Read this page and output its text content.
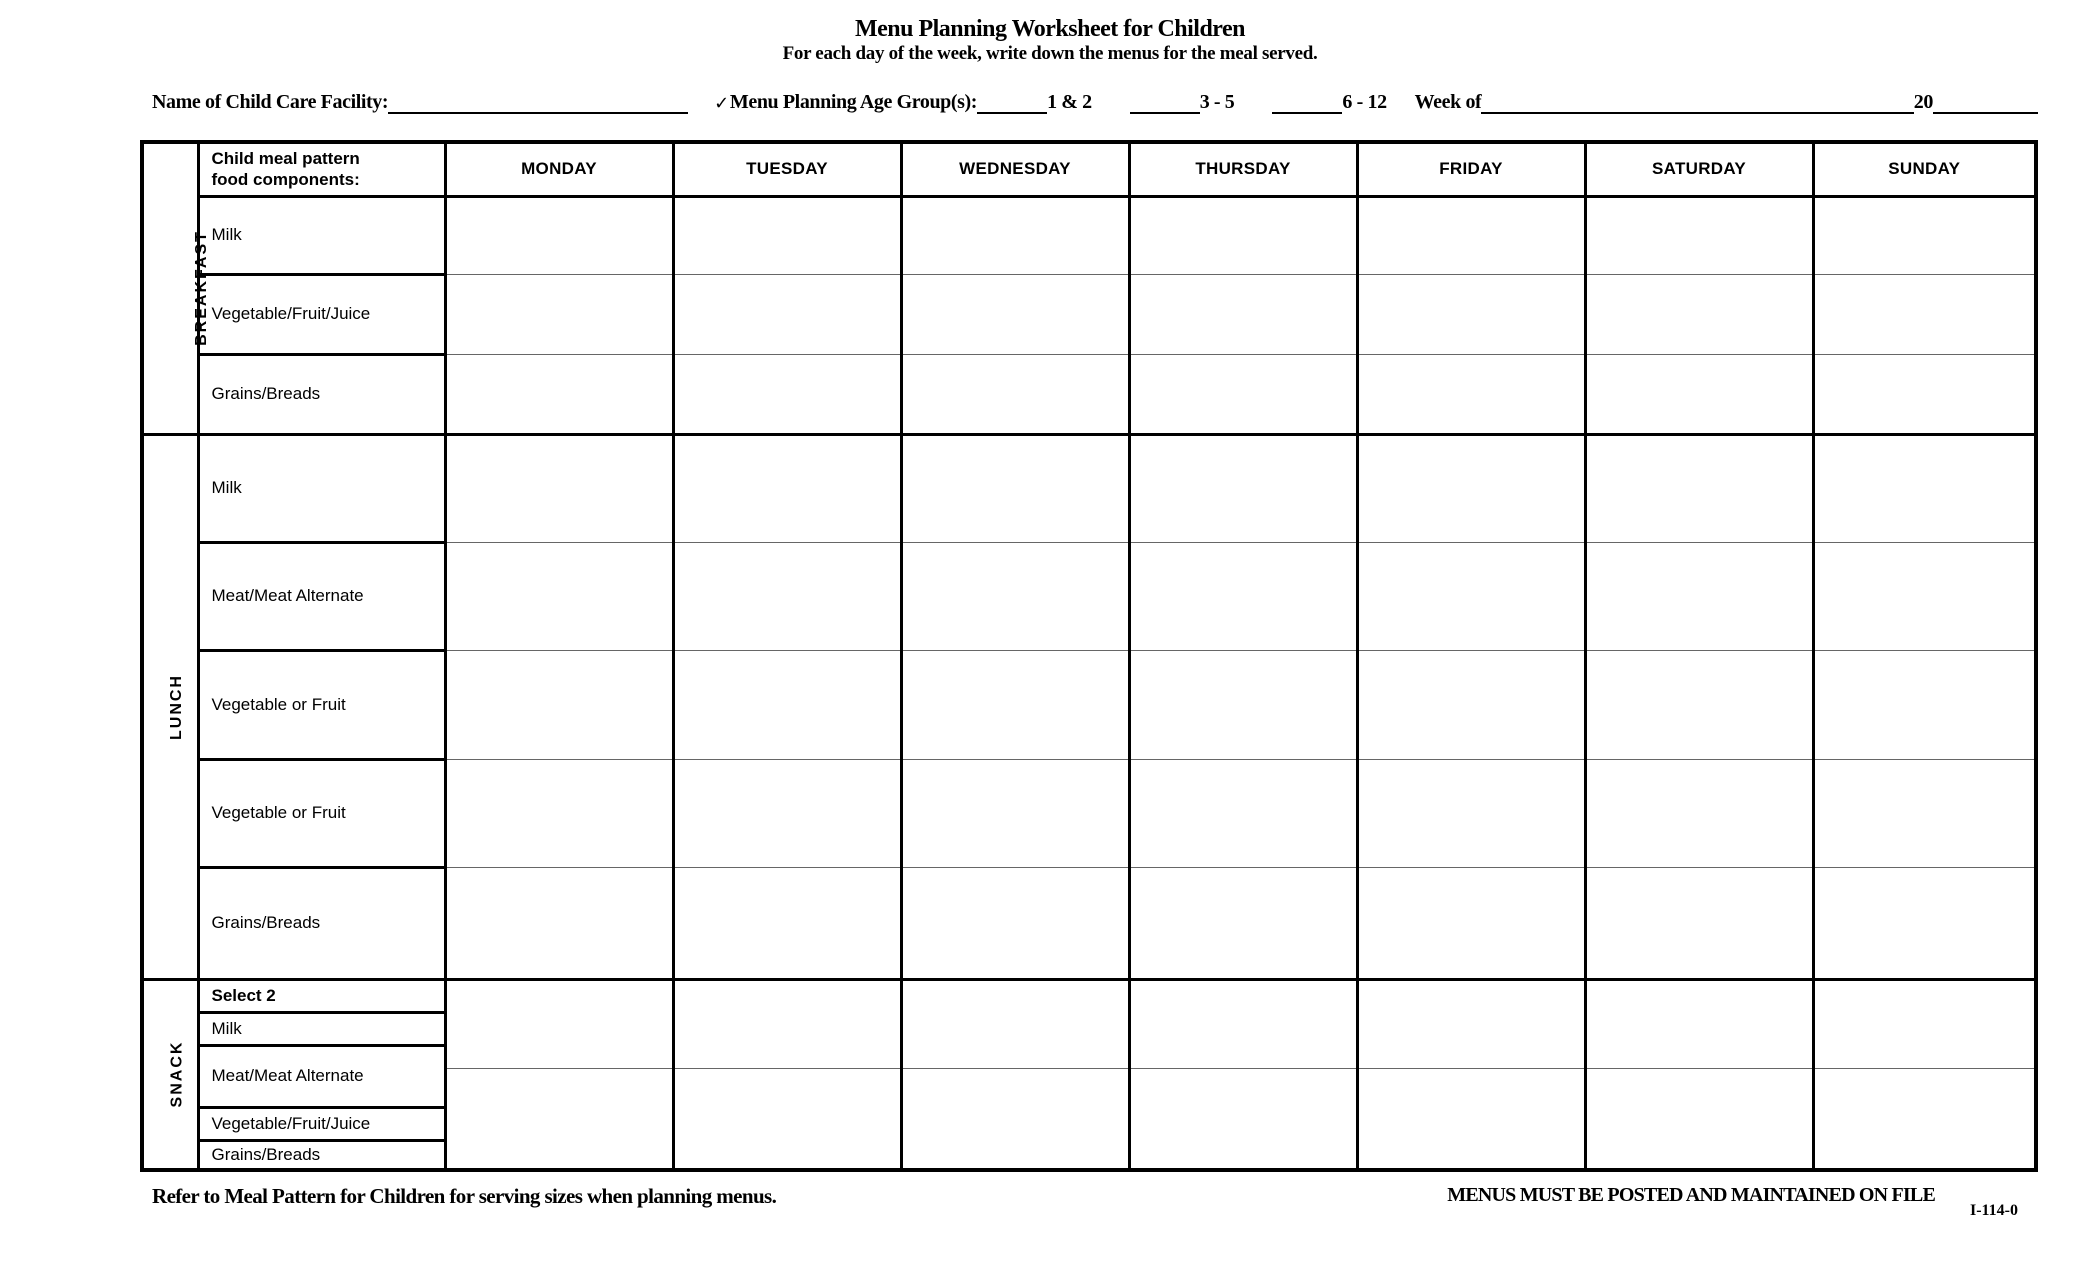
Menu Planning Worksheet for Children
For each day of the week, write down the menus for the meal served.
Name of Child Care Facility:	✓ Menu Planning Age Group(s):	1 & 2	3 - 5	6 - 12 Week of	20
BREAKFAST	Child meal pattern food components:	MONDAY	TUESDAY	WEDNESDAY	THURSDAY	FRIDAY	SATURDAY	SUNDAY
	Milk							
	Vegetable/Fruit/Juice							
	Grains/Breads							
LUNCH	Milk							
	Meat/Meat Alternate							
	Vegetable or Fruit							
	Vegetable or Fruit							
	Grains/Breads							
SNACK	Select 2							
	Milk							
	Meat/Meat Alternate							
	Vegetable/Fruit/Juice							
	Grains/Breads							
Refer to Meal Pattern for Children for serving sizes when planning menus.	MENUS MUST BE POSTED AND MAINTAINED ON FILE
I-114-0
